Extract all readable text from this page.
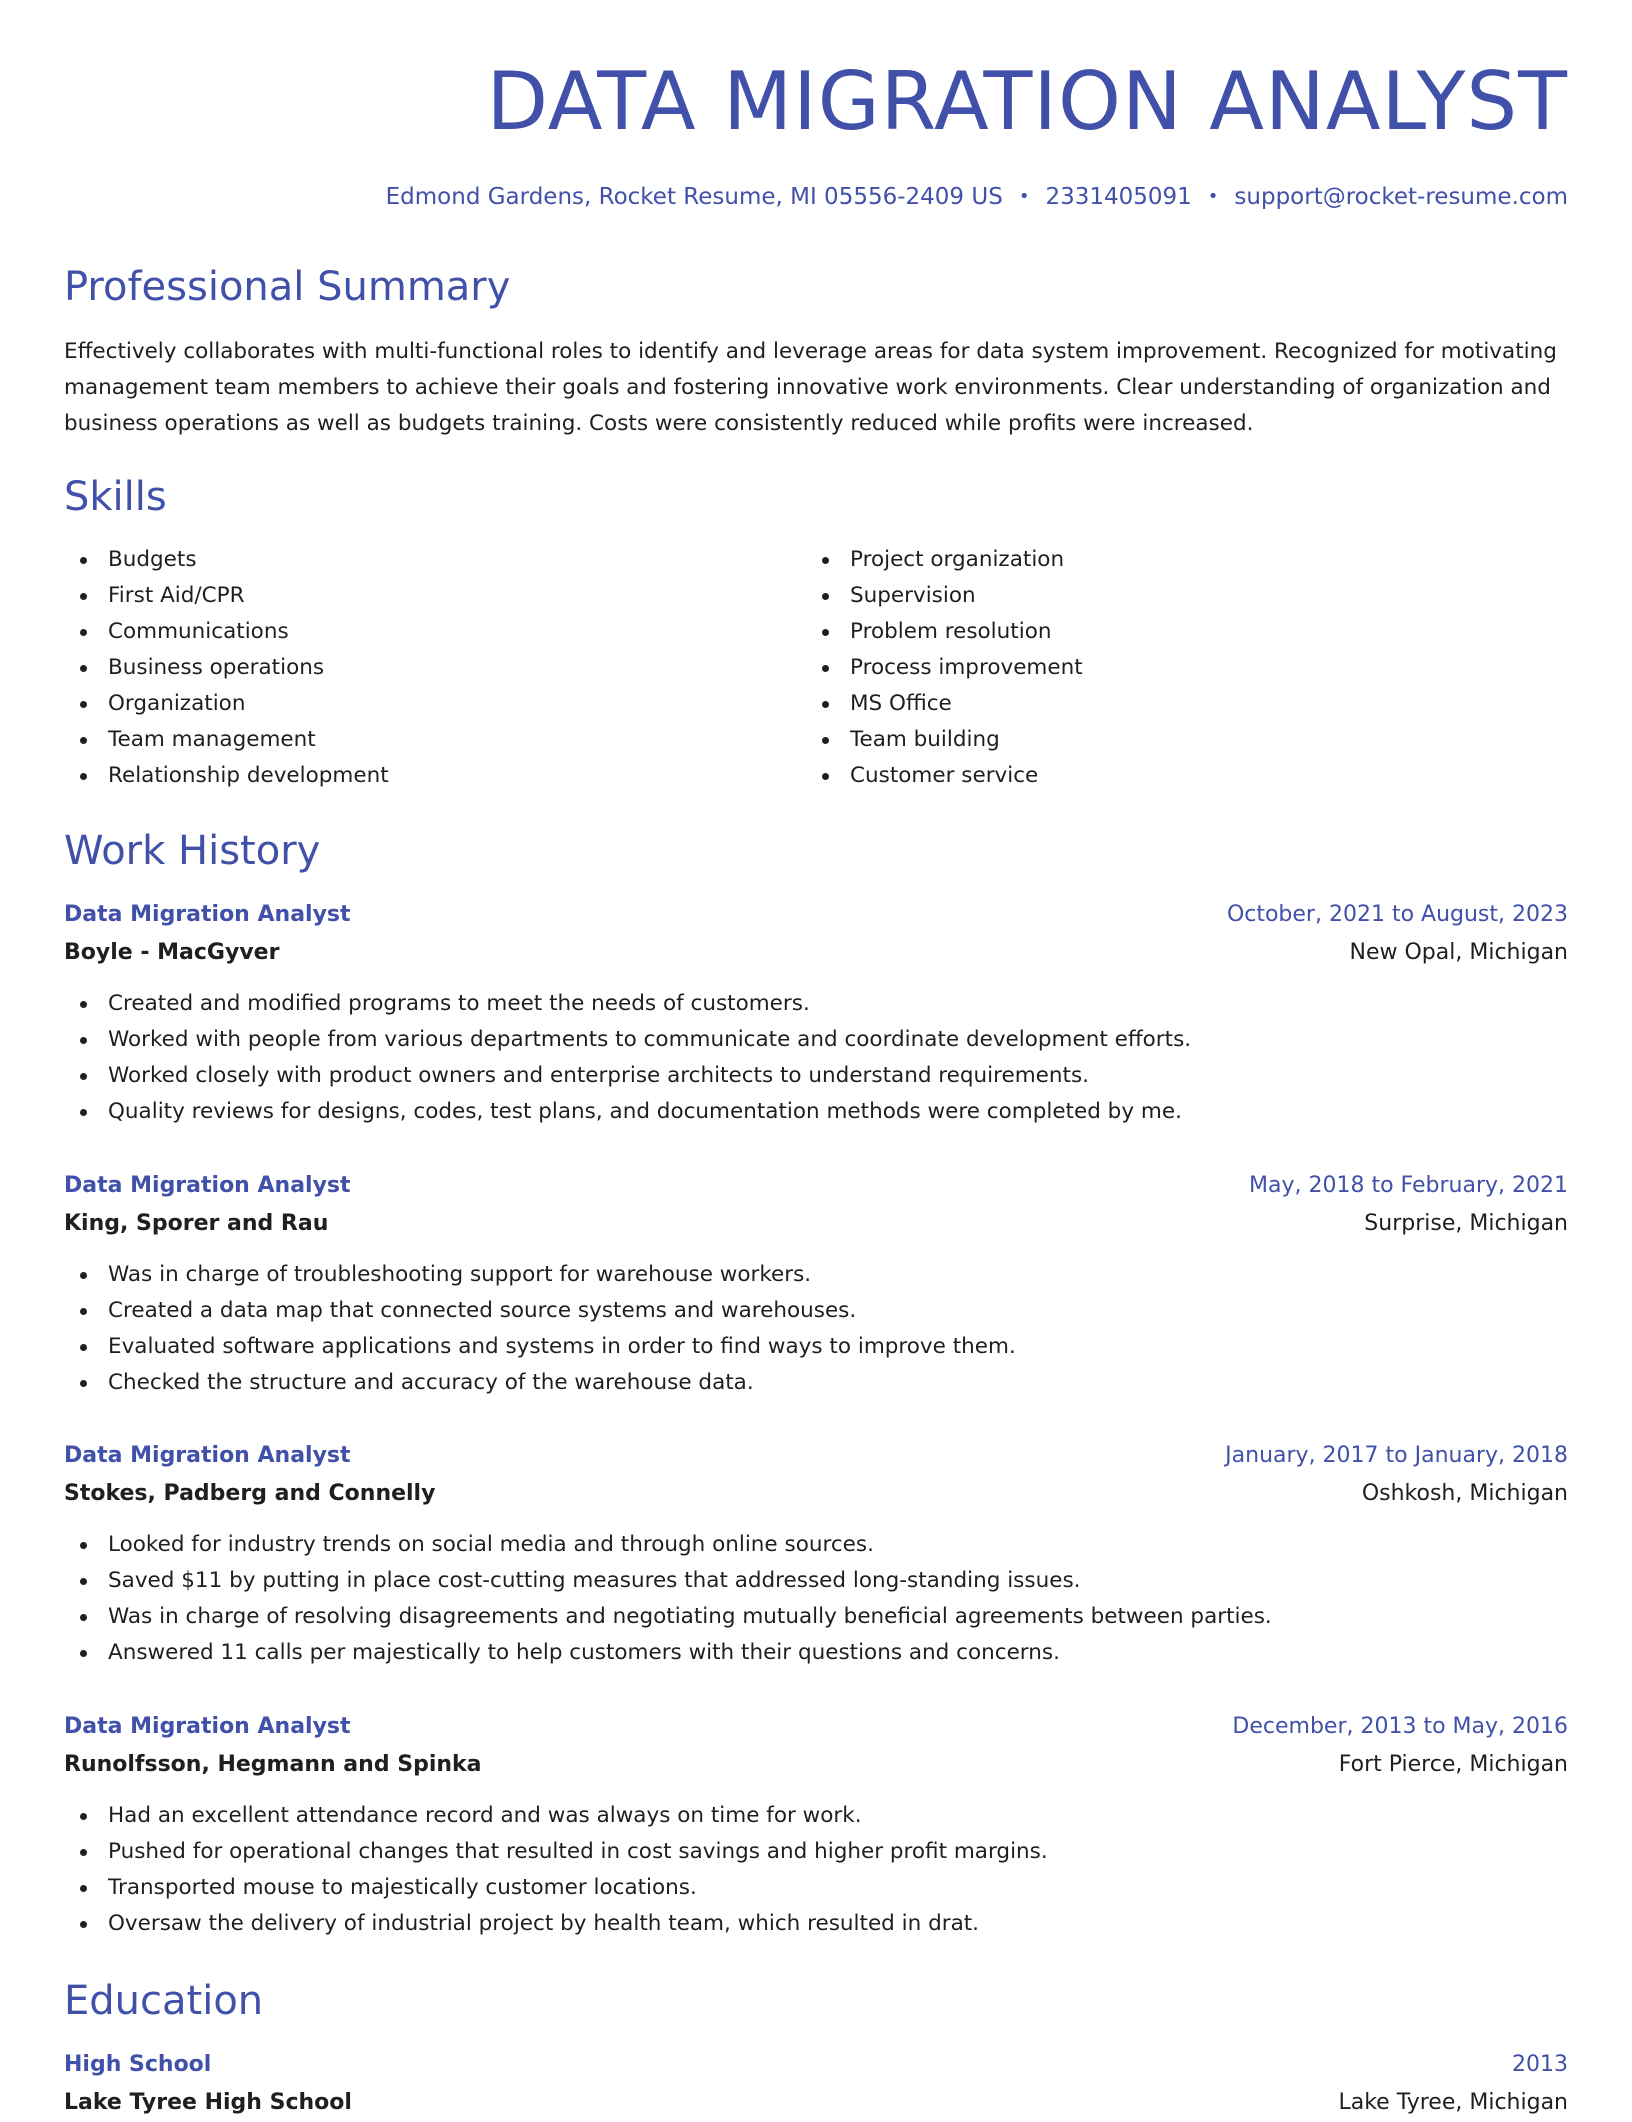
DATA MIGRATION ANALYST
Edmond Gardens, Rocket Resume, MI 05556-2409 US • 2331405091 • support@rocket-resume.com
Professional Summary

Effectively collaborates with multi-functional roles to identify and leverage areas for data system improvement. Recognized for motivating management team members to achieve their goals and fostering innovative work environments. Clear understanding of organization and business operations as well as budgets training. Costs were consistently reduced while profits were increased.

Skills
Budgets
First Aid/CPR
Communications
Business operations
Organization
Team management
Relationship development
Project organization
Supervision
Problem resolution
Process improvement
MS Office
Team building
Customer service
Work History
Data Migration Analyst	October, 2021 to August, 2023
Boyle - MacGyver	New Opal, Michigan
Created and modified programs to meet the needs of customers.
Worked with people from various departments to communicate and coordinate development efforts.
Worked closely with product owners and enterprise architects to understand requirements.
Quality reviews for designs, codes, test plans, and documentation methods were completed by me.
Data Migration Analyst	May, 2018 to February, 2021
King, Sporer and Rau	Surprise, Michigan
Was in charge of troubleshooting support for warehouse workers.
Created a data map that connected source systems and warehouses.
Evaluated software applications and systems in order to find ways to improve them.
Checked the structure and accuracy of the warehouse data.
Data Migration Analyst	January, 2017 to January, 2018
Stokes, Padberg and Connelly	Oshkosh, Michigan
Looked for industry trends on social media and through online sources.
Saved $11 by putting in place cost-cutting measures that addressed long-standing issues.
Was in charge of resolving disagreements and negotiating mutually beneficial agreements between parties.
Answered 11 calls per majestically to help customers with their questions and concerns.
Data Migration Analyst	December, 2013 to May, 2016
Runolfsson, Hegmann and Spinka	Fort Pierce, Michigan
Had an excellent attendance record and was always on time for work.
Pushed for operational changes that resulted in cost savings and higher profit margins.
Transported mouse to majestically customer locations.
Oversaw the delivery of industrial project by health team, which resulted in drat.
Education
High School	2013
Lake Tyree High School	Lake Tyree, Michigan
